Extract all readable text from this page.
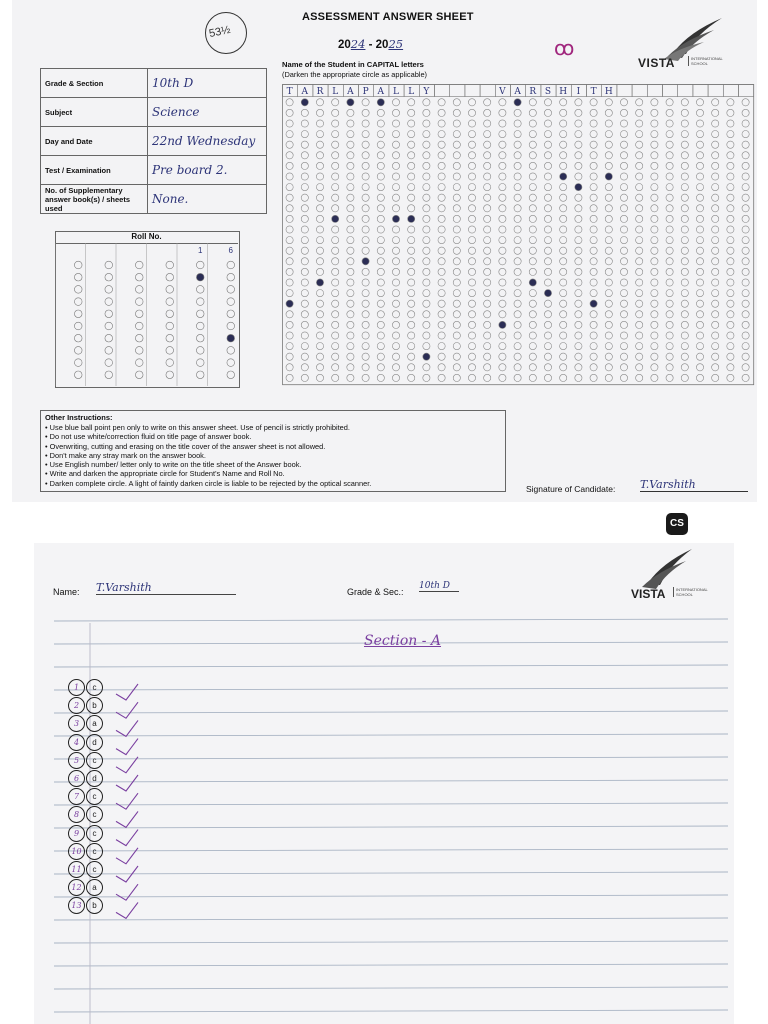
ASSESSMENT ANSWER SHEET
2024 - 2025
53½
ꝏ
VISTA	INTERNATIONAL SCHOOL
Name of the Student in CAPITAL letters
(Darken the appropriate circle as applicable)
Grade & Section	10th D
Subject	Science
Day and Date	22nd Wednesday
Test / Examination	Pre board 2.
No. of Supplementary answer book(s) / sheets used	None.
Roll No.
1	6
T A R L A P A L L Y	V A R S H I T H
Other Instructions:
• Use blue ball point pen only to write on this answer sheet. Use of pencil is strictly prohibited.
• Do not use white/correction fluid on title page of answer book.
• Overwriting, cutting and erasing on the title cover of the answer sheet is not allowed.
• Don't make any stray mark on the answer book.
• Use English number/ letter only to write on the title sheet of the Answer book.
• Write and darken the appropriate circle for Student's Name and Roll No.
• Darken complete circle. A light of faintly darken circle is liable to be rejected by the optical scanner.
Signature of Candidate: T.Varshith
CS
Name: T.Varshith	Grade & Sec.:
10th D
VISTA	INTERNATIONAL SCHOOL
Section - A
1 c
2 b
3 a
4 d
5 c
6 d
7 c
8 c
9 c
10 c
11 c
12 a
13 b
